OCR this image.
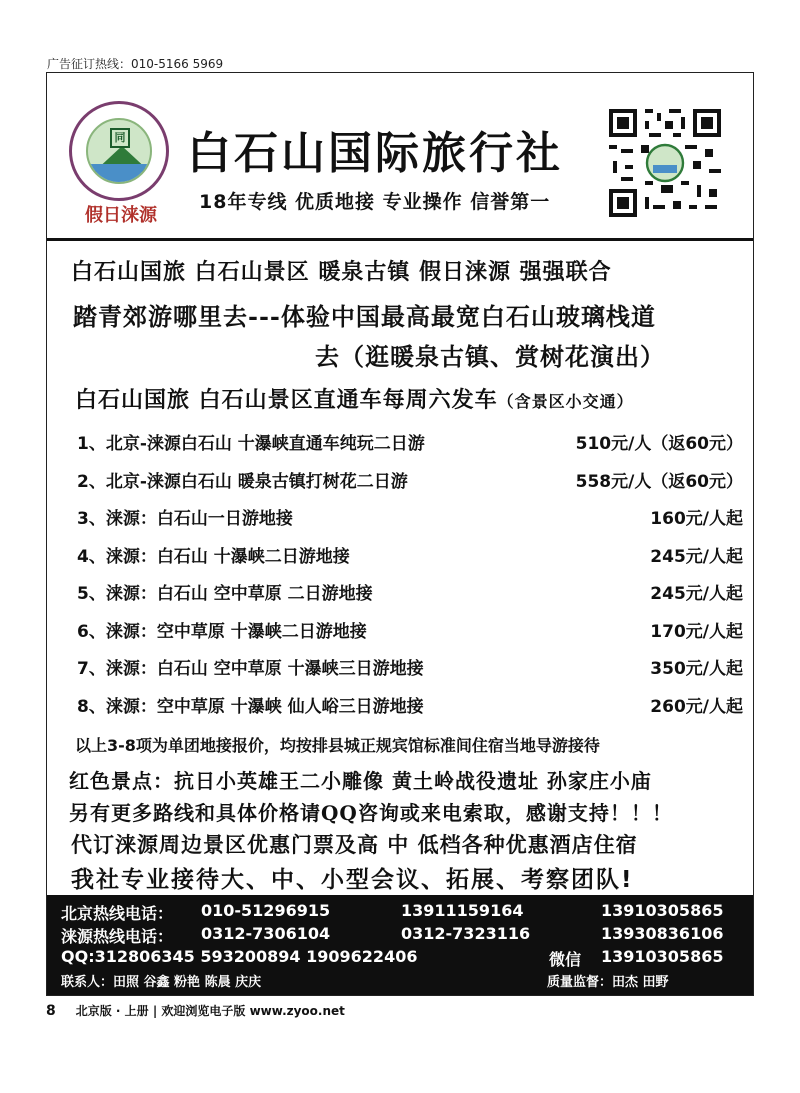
广告征订热线：010-5166 5969
同
假日涞源
白石山国际旅行社
18年专线 优质地接 专业操作 信誉第一
白石山国旅 白石山景区 暖泉古镇 假日涞源 强强联合
踏青郊游哪里去---体验中国最高最宽白石山玻璃栈道
去（逛暖泉古镇、赏树花演出）
白石山国旅 白石山景区直通车每周六发车（含景区小交通）
1、北京-涞源白石山 十瀑峡直通车纯玩二日游	510元/人（返60元）
2、北京-涞源白石山 暖泉古镇打树花二日游	558元/人（返60元）
3、涞源：白石山一日游地接	160元/人起
4、涞源：白石山 十瀑峡二日游地接	245元/人起
5、涞源：白石山 空中草原 二日游地接	245元/人起
6、涞源：空中草原 十瀑峡二日游地接	170元/人起
7、涞源：白石山 空中草原 十瀑峡三日游地接	350元/人起
8、涞源：空中草原 十瀑峡 仙人峪三日游地接	260元/人起
以上3-8项为单团地接报价，均按排县城正规宾馆标准间住宿当地导游接待
红色景点：抗日小英雄王二小雕像 黄土岭战役遗址 孙家庄小庙
另有更多路线和具体价格请QQ咨询或来电索取，感谢支持！！！
代订涞源周边景区优惠门票及高 中 低档各种优惠酒店住宿
我社专业接待大、中、小型会议、拓展、考察团队!
北京热线电话： 010-51296915	13911159164	13910305865
涞源热线电话： 0312-7306104	0312-7323116	13930836106
QQ:312806345 593200894 1909622406	微信 13910305865
联系人：田照 谷鑫 粉艳 陈晨 庆庆	质量监督：田杰 田野
8 北京版 · 上册 | 欢迎浏览电子版 www.zyoo.net
